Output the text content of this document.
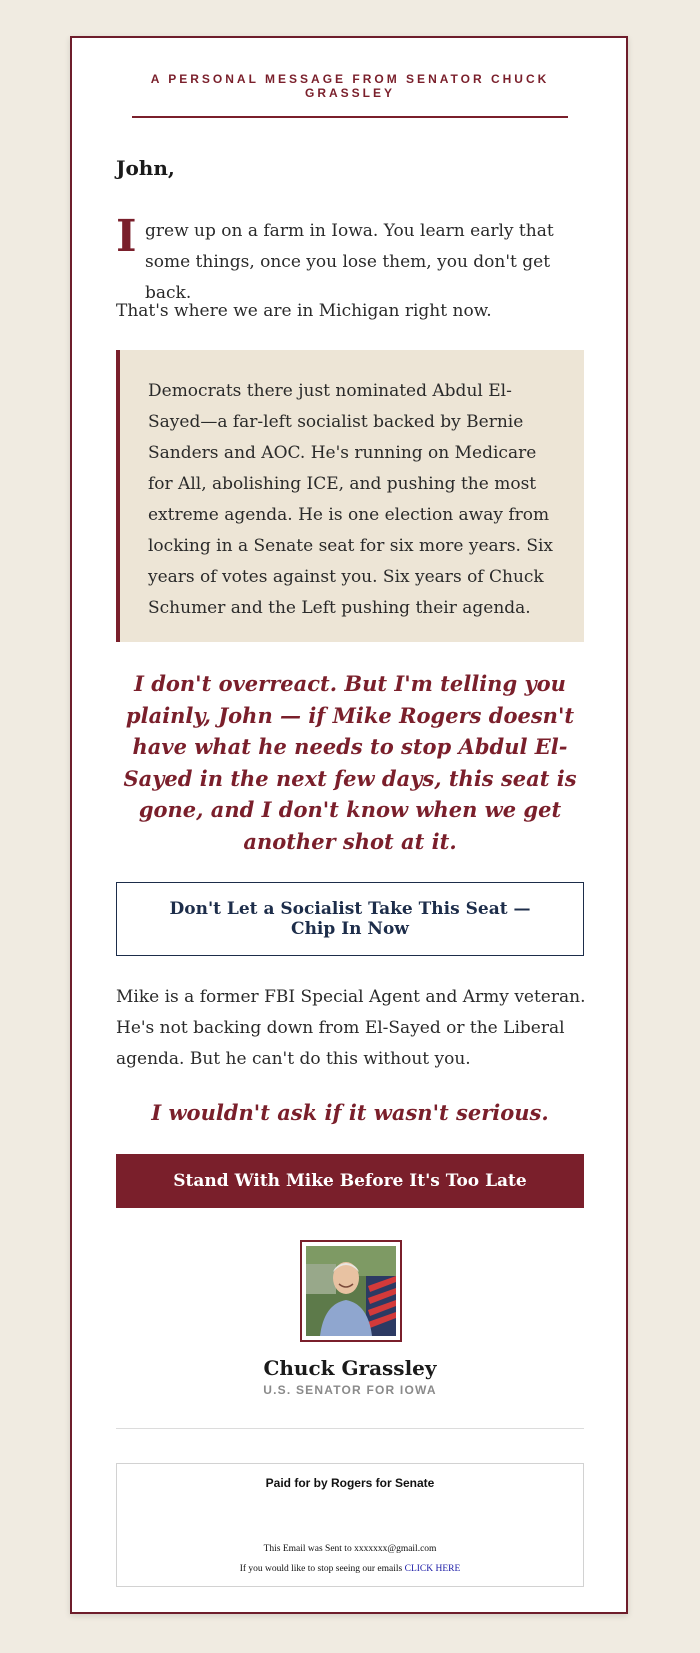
A PERSONAL MESSAGE FROM SENATOR CHUCK GRASSLEY
John,
I grew up on a farm in Iowa. You learn early that some things, once you lose them, you don't get back.
That's where we are in Michigan right now.
Democrats there just nominated Abdul El-Sayed—a far-left socialist backed by Bernie Sanders and AOC. He's running on Medicare for All, abolishing ICE, and pushing the most extreme agenda. He is one election away from locking in a Senate seat for six more years. Six years of votes against you. Six years of Chuck Schumer and the Left pushing their agenda.
I don't overreact. But I'm telling you plainly, John — if Mike Rogers doesn't have what he needs to stop Abdul El-Sayed in the next few days, this seat is gone, and I don't know when we get another shot at it.
Don't Let a Socialist Take This Seat — Chip In Now
Mike is a former FBI Special Agent and Army veteran. He's not backing down from El-Sayed or the Liberal agenda. But he can't do this without you.
I wouldn't ask if it wasn't serious.
Stand With Mike Before It's Too Late
Chuck Grassley
U.S. SENATOR FOR IOWA
Paid for by Rogers for Senate
This Email was Sent to xxxxxxx@gmail.com
If you would like to stop seeing our emails CLICK HERE
